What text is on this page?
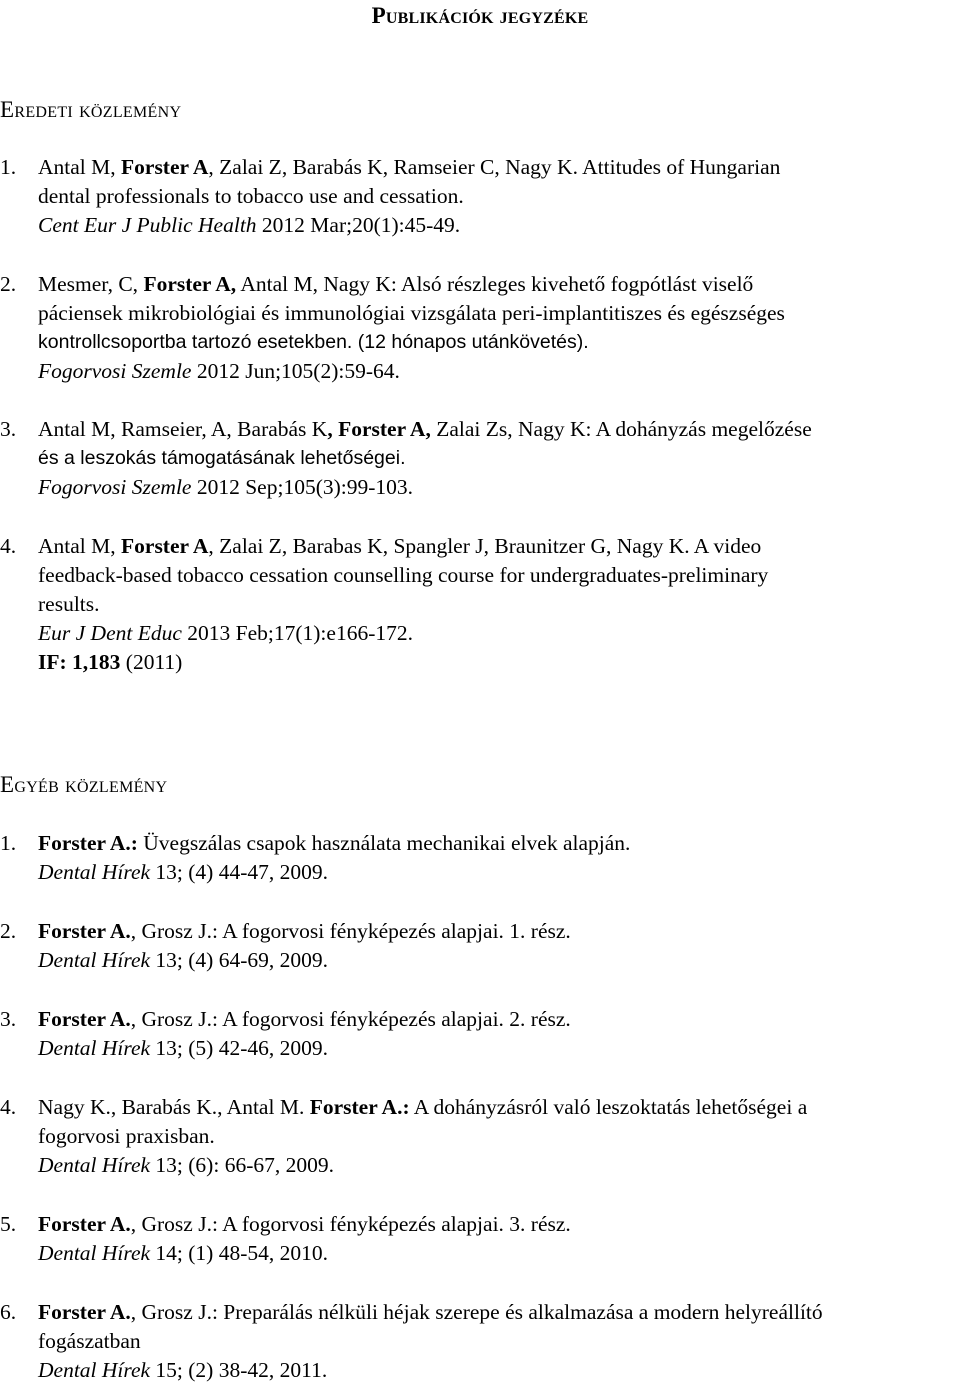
Publikációk jegyzéke
Eredeti közlemény
1. Antal M, Forster A, Zalai Z, Barabás K, Ramseier C, Nagy K. Attitudes of Hungarian
dental professionals to tobacco use and cessation.
Cent Eur J Public Health 2012 Mar;20(1):45-49.
2. Mesmer, C, Forster A, Antal M, Nagy K: Alsó részleges kivehető fogpótlást viselő
páciensek mikrobiológiai és immunológiai vizsgálata peri-implantitiszes és egészséges
kontrollcsoportba tartozó esetekben. (12 hónapos utánkövetés).
Fogorvosi Szemle 2012 Jun;105(2):59-64.
3. Antal M, Ramseier, A, Barabás K, Forster A, Zalai Zs, Nagy K: A dohányzás megelőzése
és a leszokás támogatásának lehetőségei.
Fogorvosi Szemle 2012 Sep;105(3):99-103.
4. Antal M, Forster A, Zalai Z, Barabas K, Spangler J, Braunitzer G, Nagy K. A video
feedback-based tobacco cessation counselling course for undergraduates-preliminary
results.
Eur J Dent Educ 2013 Feb;17(1):e166-172.
IF: 1,183 (2011)
Egyéb közlemény
1. Forster A.: Üvegszálas csapok használata mechanikai elvek alapján.
Dental Hírek 13; (4) 44-47, 2009.
2. Forster A., Grosz J.: A fogorvosi fényképezés alapjai. 1. rész.
Dental Hírek 13; (4) 64-69, 2009.
3. Forster A., Grosz J.: A fogorvosi fényképezés alapjai. 2. rész.
Dental Hírek 13; (5) 42-46, 2009.
4. Nagy K., Barabás K., Antal M. Forster A.: A dohányzásról való leszoktatás lehetőségei a
fogorvosi praxisban.
Dental Hírek 13; (6): 66-67, 2009.
5. Forster A., Grosz J.: A fogorvosi fényképezés alapjai. 3. rész.
Dental Hírek 14; (1) 48-54, 2010.
6. Forster A., Grosz J.: Preparálás nélküli héjak szerepe és alkalmazása a modern helyreállító
fogászatban
Dental Hírek 15; (2) 38-42, 2011.
